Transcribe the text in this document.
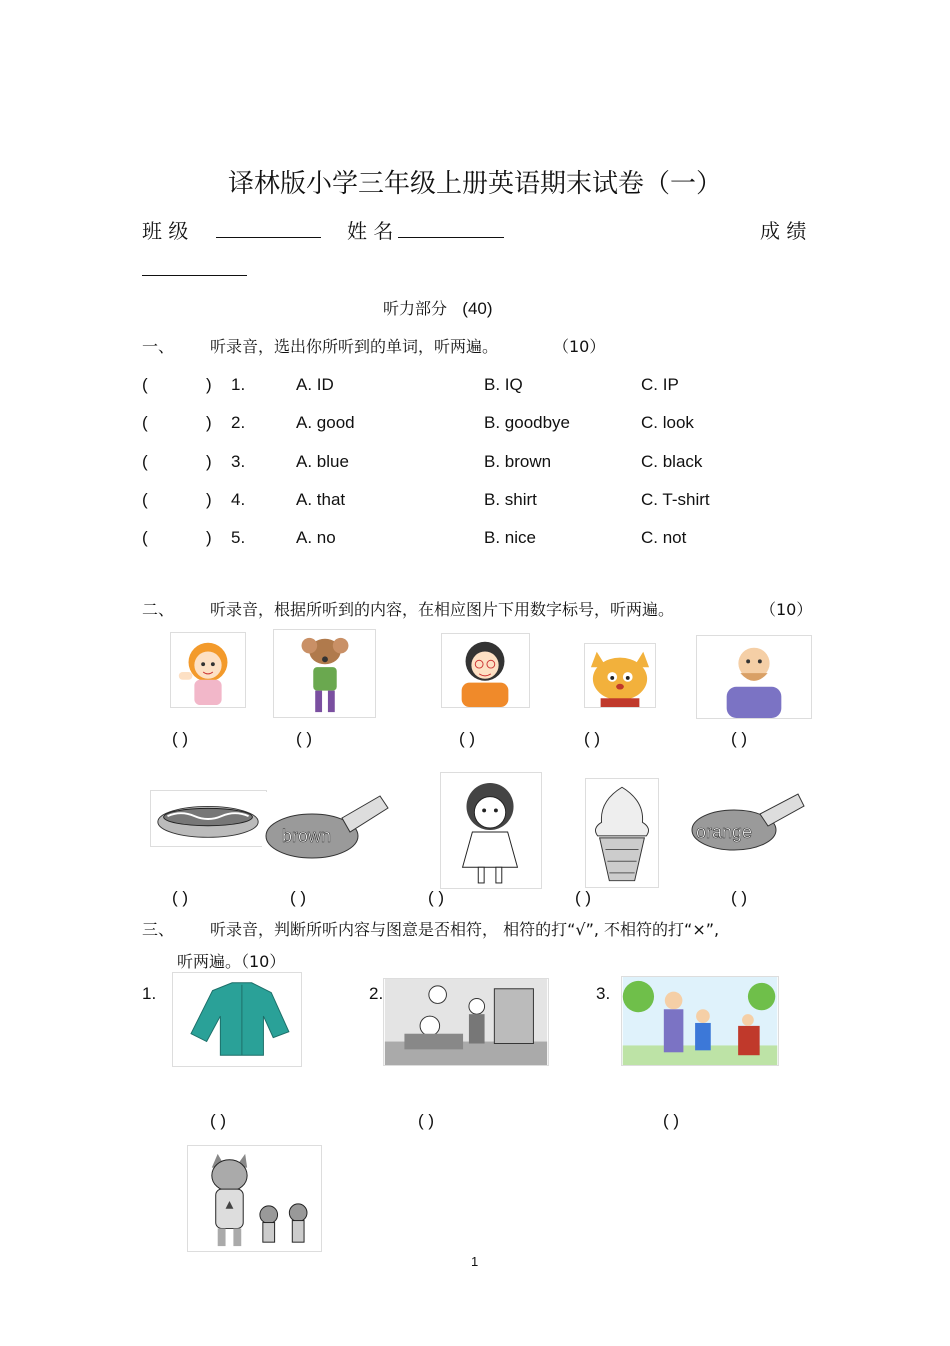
译林版小学三年级上册英语期末试卷（一）
班 级	姓 名	成 绩
听力部分 (40)
一、 听录音，选出你所听到的单词，听两遍。	（10）
(	) 1.	A. ID	B. IQ	C. IP
(	) 2.	A. good	B. goodbye	C. look
(	) 3.	A. blue	B. brown	C. black
(	) 4.	A. that	B. shirt	C. T-shirt
(	) 5.	A. no	B. nice	C. not
二、 听录音，根据所听到的内容，在相应图片下用数字标号，听两遍。	（10）
( )	( )	( )	( )	( )
brown	orange
( )	( )	( )	( )	( )
三、 听录音，判断所听内容与图意是否相符， 相符的打“√”, 不相符的打“×”,
听两遍。（10）
1.	2.	3.
( )	( )	( )
1
